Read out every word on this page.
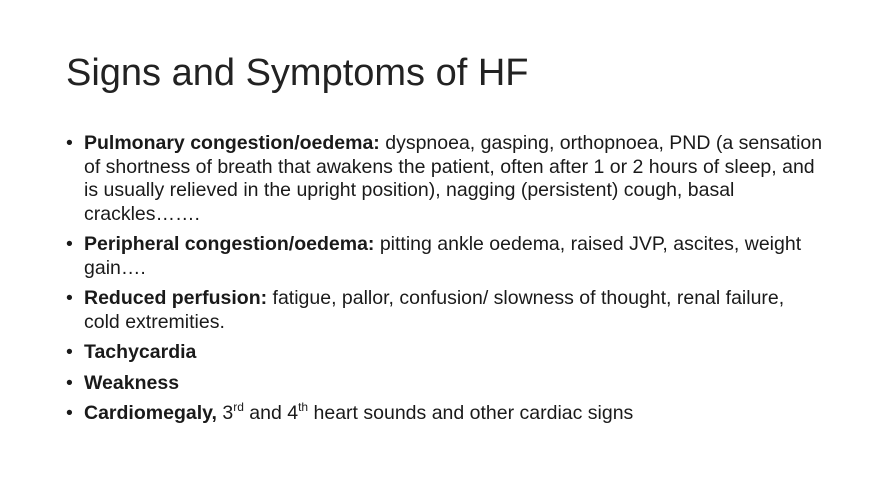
Signs and Symptoms of HF
• Pulmonary congestion/oedema: dyspnoea, gasping, orthopnoea, PND (a sensation of shortness of breath that awakens the patient, often after 1 or 2 hours of sleep, and is usually relieved in the upright position), nagging (persistent) cough, basal crackles…….
• Peripheral congestion/oedema: pitting ankle oedema, raised JVP, ascites, weight gain….
• Reduced perfusion: fatigue, pallor, confusion/ slowness of thought, renal failure, cold extremities.
• Tachycardia
• Weakness
• Cardiomegaly, 3rd and 4th heart sounds and other cardiac signs
